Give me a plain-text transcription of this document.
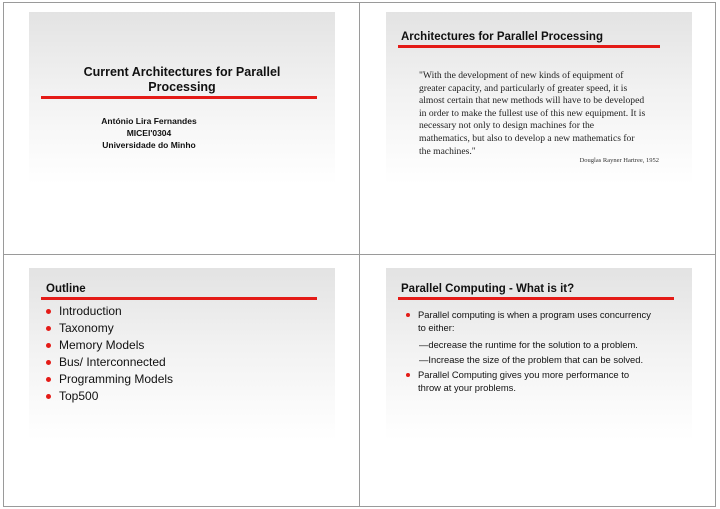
Current Architectures for Parallel
Processing
António Lira Fernandes
MICEI'0304
Universidade do Minho
Architectures for Parallel Processing
"With the development of new kinds of equipment of
greater capacity, and particularly of greater speed, it is
almost certain that new methods will have to be developed
in order to make the fullest use of this new equipment. It is
necessary not only to design machines for the
mathematics, but also to develop a new mathematics for
the machines."
Douglas Rayner Hartree, 1952
Outline
Introduction
Taxonomy
Memory Models
Bus/ Interconnected
Programming Models
Top500
Parallel Computing - What is it?
Parallel computing is when a program uses concurrency
to either:
—decrease the runtime for the solution to a problem.
—Increase the size of the problem that can be solved.
Parallel Computing gives you more performance to
throw at your problems.
